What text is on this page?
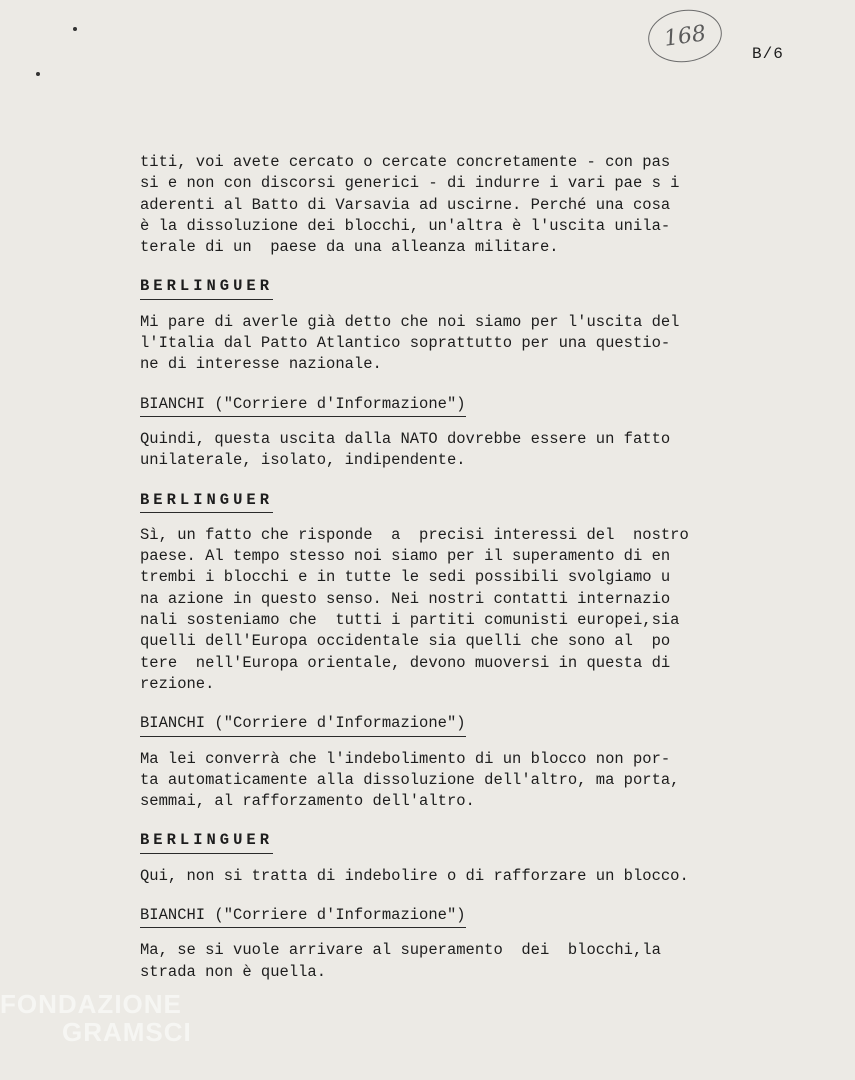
168
B/6
titi, voi avete cercato o cercate concretamente - con pas
si e non con discorsi generici - di indurre i vari pae s i
aderenti al Batto di Varsavia ad uscirne. Perché una cosa
è la dissoluzione dei blocchi, un'altra è l'uscita unila-
terale di un  paese da una alleanza militare.
BERLINGUER
Mi pare di averle già detto che noi siamo per l'uscita del
l'Italia dal Patto Atlantico soprattutto per una questio-
ne di interesse nazionale.
BIANCHI ("Corriere d'Informazione")
Quindi, questa uscita dalla NATO dovrebbe essere un fatto
unilaterale, isolato, indipendente.
BERLINGUER
Sì, un fatto che risponde  a  precisi interessi del  nostro
paese. Al tempo stesso noi siamo per il superamento di en
trembi i blocchi e in tutte le sedi possibili svolgiamo u
na azione in questo senso. Nei nostri contatti internazio
nali sosteniamo che  tutti i partiti comunisti europei,sia
quelli dell'Europa occidentale sia quelli che sono al  po
tere  nell'Europa orientale, devono muoversi in questa di
rezione.
BIANCHI ("Corriere d'Informazione")
Ma lei converrà che l'indebolimento di un blocco non por-
ta automaticamente alla dissoluzione dell'altro, ma porta,
semmai, al rafforzamento dell'altro.
BERLINGUER
Qui, non si tratta di indebolire o di rafforzare un blocco.
BIANCHI ("Corriere d'Informazione")
Ma, se si vuole arrivare al superamento  dei  blocchi,la
strada non è quella.
FONDAZIONE
GRAMSCI
